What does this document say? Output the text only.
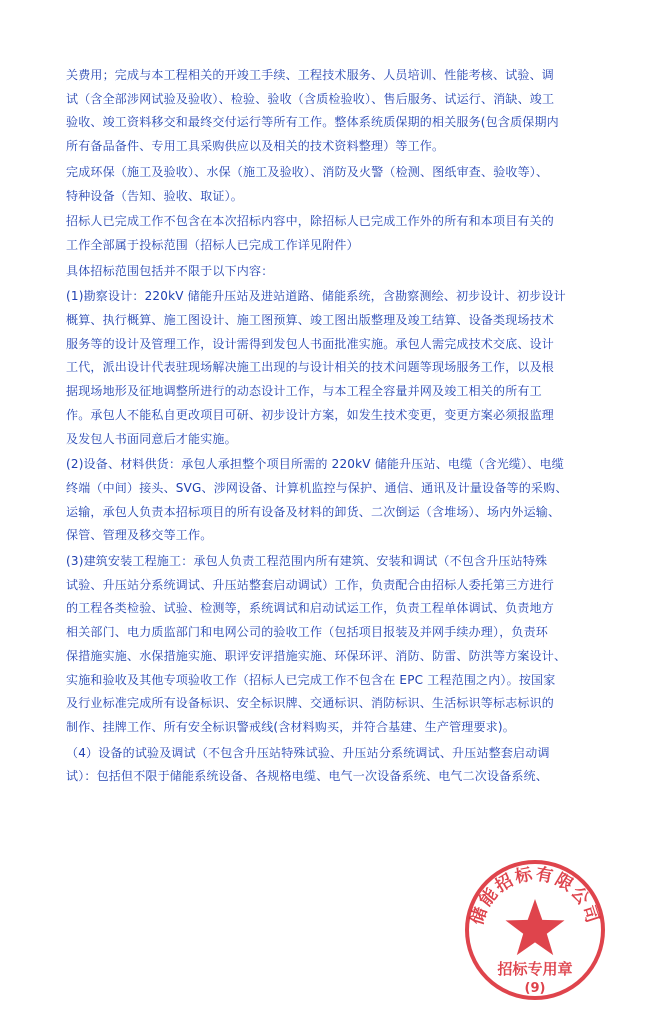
关费用；完成与本工程相关的开竣工手续、工程技术服务、人员培训、性能考核、试验、调

试（含全部涉网试验及验收）、检验、验收（含质检验收）、售后服务、试运行、消缺、竣工

验收、竣工资料移交和最终交付运行等所有工作。整体系统质保期的相关服务(包含质保期内

所有备品备件、专用工具采购供应以及相关的技术资料整理）等工作。

完成环保（施工及验收）、水保（施工及验收）、消防及火警（检测、图纸审查、验收等）、

特种设备（告知、验收、取证）。

招标人已完成工作不包含在本次招标内容中，除招标人已完成工作外的所有和本项目有关的

工作全部属于投标范围（招标人已完成工作详见附件）

具体招标范围包括并不限于以下内容：

(1)勘察设计：220kV 储能升压站及进站道路、储能系统，含勘察测绘、初步设计、初步设计

概算、执行概算、施工图设计、施工图预算、竣工图出版整理及竣工结算、设备类现场技术

服务等的设计及管理工作，设计需得到发包人书面批准实施。承包人需完成技术交底、设计

工代，派出设计代表驻现场解决施工出现的与设计相关的技术问题等现场服务工作，以及根

据现场地形及征地调整所进行的动态设计工作，与本工程全容量并网及竣工相关的所有工

作。承包人不能私自更改项目可研、初步设计方案，如发生技术变更，变更方案必须报监理

及发包人书面同意后才能实施。

(2)设备、材料供货：承包人承担整个项目所需的 220kV 储能升压站、电缆（含光缆）、电缆

终端（中间）接头、SVG、涉网设备、计算机监控与保护、通信、通讯及计量设备等的采购、

运输，承包人负责本招标项目的所有设备及材料的卸货、二次倒运（含堆场）、场内外运输、

保管、管理及移交等工作。

(3)建筑安装工程施工：承包人负责工程范围内所有建筑、安装和调试（不包含升压站特殊

试验、升压站分系统调试、升压站整套启动调试）工作，负责配合由招标人委托第三方进行

的工程各类检验、试验、检测等，系统调试和启动试运工作，负责工程单体调试、负责地方

相关部门、电力质监部门和电网公司的验收工作（包括项目报装及并网手续办理），负责环

保措施实施、水保措施实施、职评安评措施实施、环保环评、消防、防雷、防洪等方案设计、

实施和验收及其他专项验收工作（招标人已完成工作不包含在 EPC 工程范围之内）。按国家

及行业标准完成所有设备标识、安全标识牌、交通标识、消防标识、生活标识等标志标识的

制作、挂牌工作、所有安全标识警戒线(含材料购买，并符合基建、生产管理要求)。

（4）设备的试验及调试（不包含升压站特殊试验、升压站分系统调试、升压站整套启动调

试）：包括但不限于储能系统设备、各规格电缆、电气一次设备系统、电气二次设备系统、

储能招标有限公司
招标专用章
(9)
